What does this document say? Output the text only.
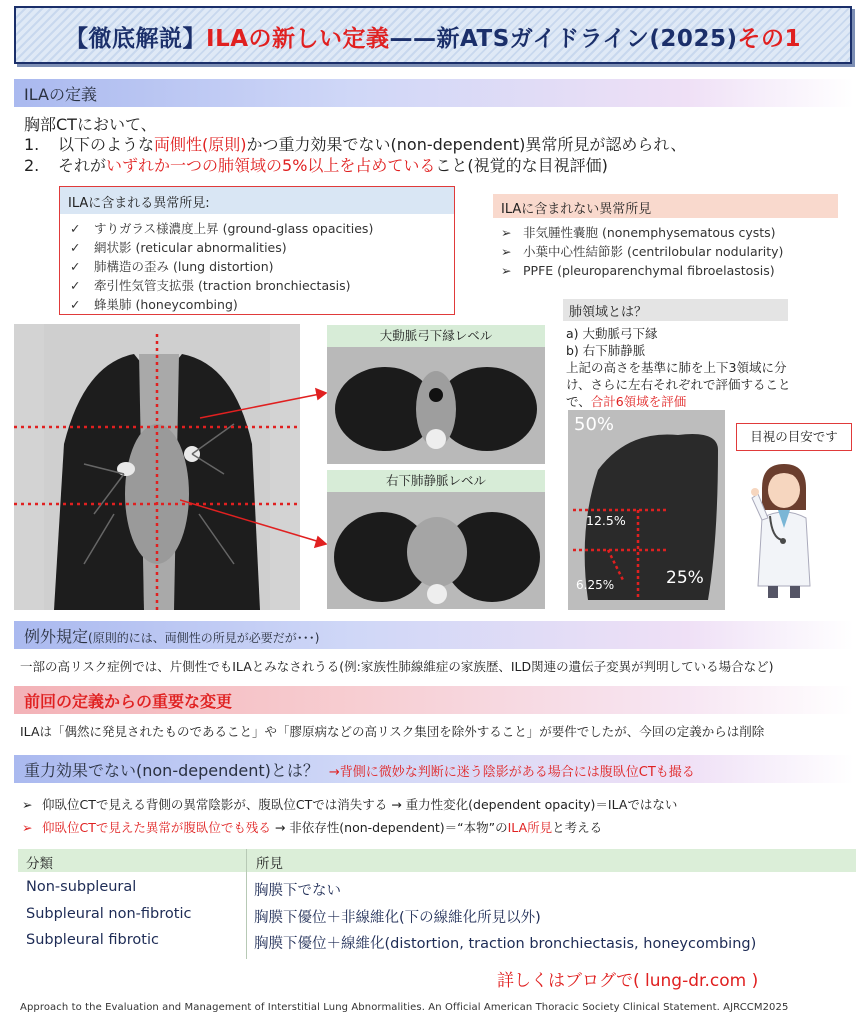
【徹底解説】ILAの新しい定義——新ATSガイドライン(2025)その1
ILAの定義
胸部CTにおいて、
1. 以下のような両側性(原則)かつ重力効果でない(non-dependent)異常所見が認められ、
2. それがいずれか一つの肺領域の5%以上を占めていること(視覚的な目視評価)
ILAに含まれる異常所見:
✓ すりガラス様濃度上昇 (ground-glass opacities)
✓ 網状影 (reticular abnormalities)
✓ 肺構造の歪み (lung distortion)
✓ 牽引性気管支拡張 (traction bronchiectasis)
✓ 蜂巣肺 (honeycombing)
ILAに含まれない異常所見
➢ 非気腫性嚢胞 (nonemphysematous cysts)
➢ 小葉中心性結節影 (centrilobular nodularity)
➢ PPFE (pleuroparenchymal fibroelastosis)
肺領域とは？
a) 大動脈弓下縁
b) 右下肺静脈
上記の高さを基準に肺を上下3領域に分
け、さらに左右それぞれで評価すること
で、合計6領域を評価
大動脈弓下縁レベル
右下肺静脈レベル
50%
12.5%
6.25%	25%
目視の目安です
例外規定(原則的には、両側性の所見が必要だが･･･)
一部の高リスク症例では、片側性でもILAとみなされうる(例:家族性肺線維症の家族歴、ILD関連の遺伝子変異が判明している場合など)
前回の定義からの重要な変更
ILAは「偶然に発見されたものであること」や「膠原病などの高リスク集団を除外すること」が要件でしたが、今回の定義からは削除
重力効果でない(non-dependent)とは？ →背側に微妙な判断に迷う陰影がある場合には腹臥位CTも撮る
➢ 仰臥位CTで見える背側の異常陰影が、腹臥位CTでは消失する → 重力性変化(dependent opacity)＝ILAではない
➢ 仰臥位CTで見えた異常が腹臥位でも残る → 非依存性(non-dependent)＝“本物”のILA所見と考える
分類	所見
Non-subpleural	胸膜下でない
Subpleural non-fibrotic	胸膜下優位＋非線維化(下の線維化所見以外)
Subpleural fibrotic	胸膜下優位＋線維化(distortion, traction bronchiectasis, honeycombing)
詳しくはブログで( lung-dr.com )
Approach to the Evaluation and Management of Interstitial Lung Abnormalities. An Official American Thoracic Society Clinical Statement. AJRCCM2025
